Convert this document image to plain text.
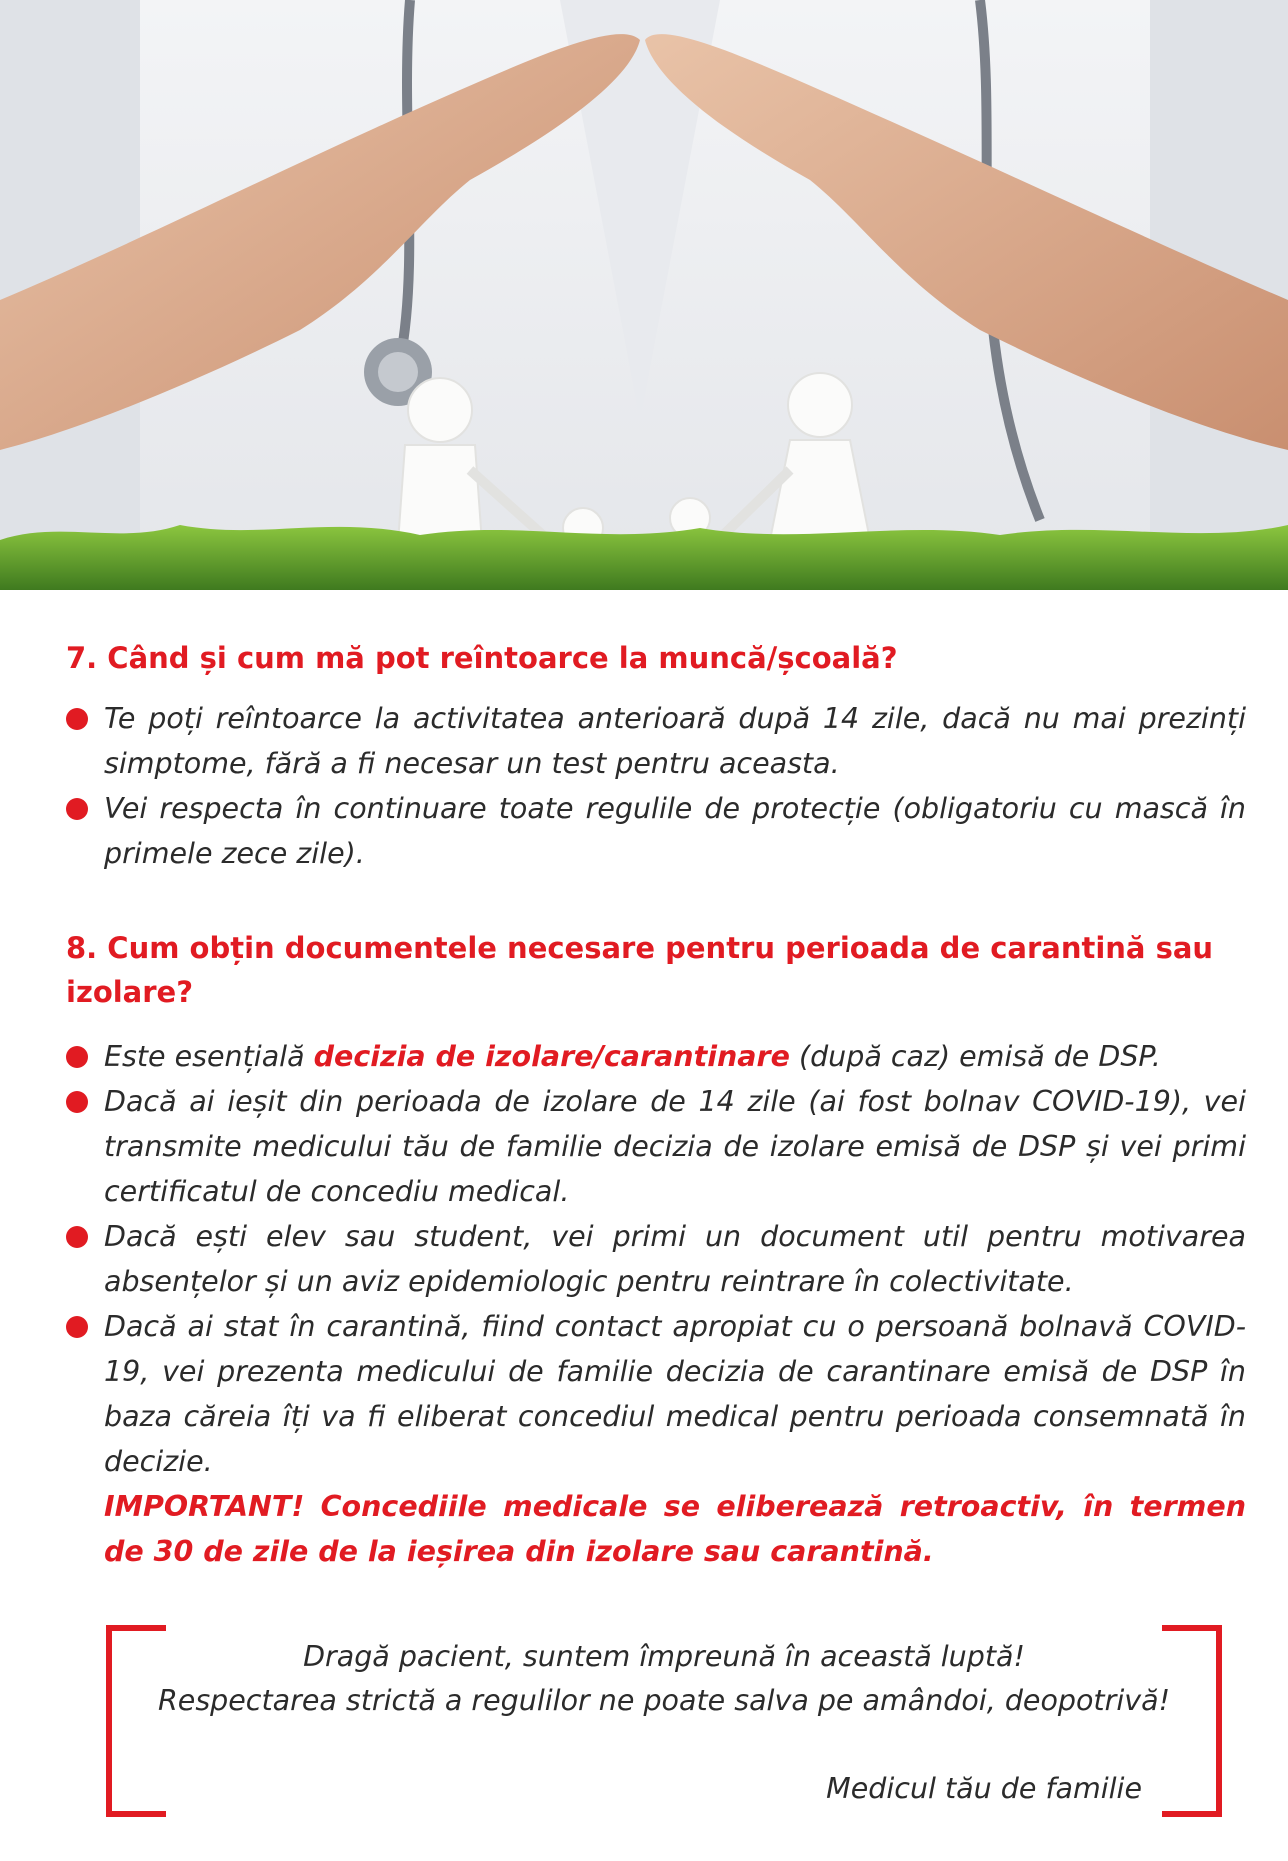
7. Când și cum mă pot reîntoarce la muncă/școală?
Te poți reîntoarce la activitatea anterioară după 14 zile, dacă nu mai prezinți simptome, fără a fi necesar un test pentru aceasta.
Vei respecta în continuare toate regulile de protecție (obligatoriu cu mască în primele zece zile).
8. Cum obțin documentele necesare pentru perioada de carantină sau izolare?
Este esențială decizia de izolare/carantinare (după caz) emisă de DSP.
Dacă ai ieșit din perioada de izolare de 14 zile (ai fost bolnav COVID-19), vei transmite medicului tău de familie decizia de izolare emisă de DSP și vei primi certificatul de concediu medical.
Dacă ești elev sau student, vei primi un document util pentru motivarea absențelor și un aviz epidemiologic pentru reintrare în colectivitate.
Dacă ai stat în carantină, fiind contact apropiat cu o persoană bolnavă COVID-19, vei prezenta medicului de familie decizia de carantinare emisă de DSP în baza căreia îți va fi eliberat concediul medical pentru perioada consemnată în decizie.
IMPORTANT! Concediile medicale se eliberează retroactiv, în termen de 30 de zile de la ieșirea din izolare sau carantină.
Dragă pacient, suntem împreună în această luptă!
Respectarea strictă a regulilor ne poate salva pe amândoi, deopotrivă!
Medicul tău de familie
